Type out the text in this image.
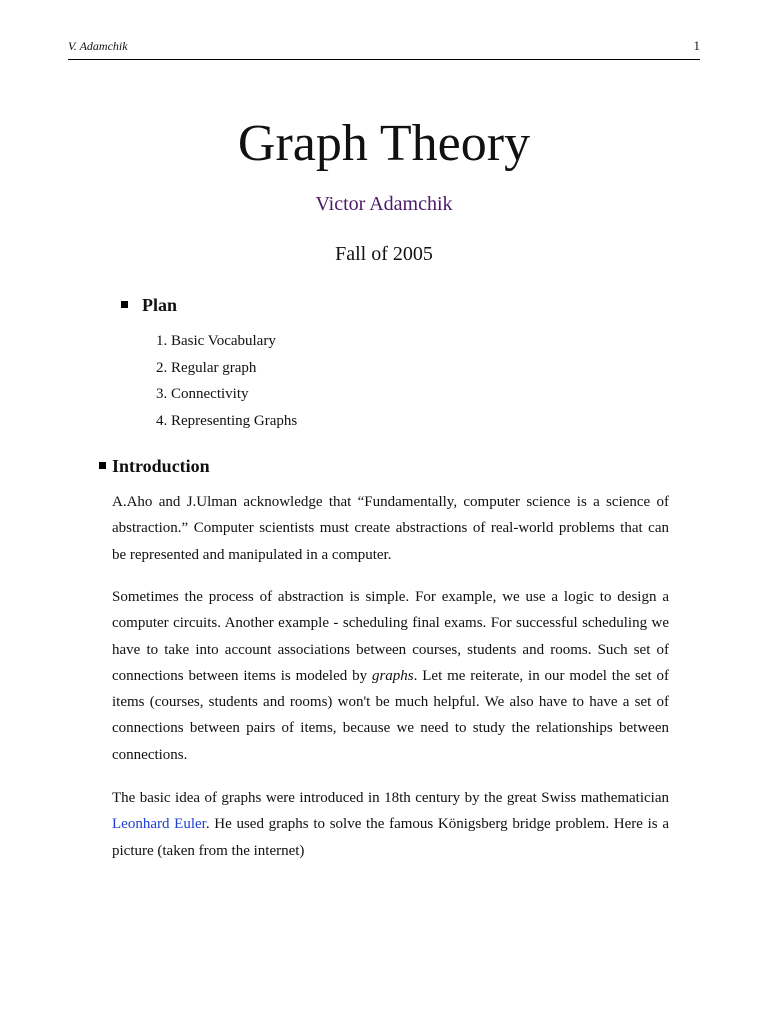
V. Adamchik	1
Graph Theory
Victor Adamchik
Fall of 2005
Plan
1. Basic Vocabulary
2. Regular graph
3. Connectivity
4. Representing Graphs
Introduction

A.Aho and J.Ulman acknowledge that “Fundamentally, computer science is a science of abstraction.” Computer scientists must create abstractions of real-world problems that can be represented and manipulated in a computer.

Sometimes the process of abstraction is simple. For example, we use a logic to design a computer circuits. Another example - scheduling final exams. For successful scheduling we have to take into account associations between courses, students and rooms. Such set of connections between items is modeled by graphs. Let me reiterate, in our model the set of items (courses, students and rooms) won't be much helpful. We also have to have a set of connections between pairs of items, because we need to study the relationships between connections.

The basic idea of graphs were introduced in 18th century by the great Swiss mathematician Leonhard Euler. He used graphs to solve the famous Königsberg bridge problem. Here is a picture (taken from the internet)
